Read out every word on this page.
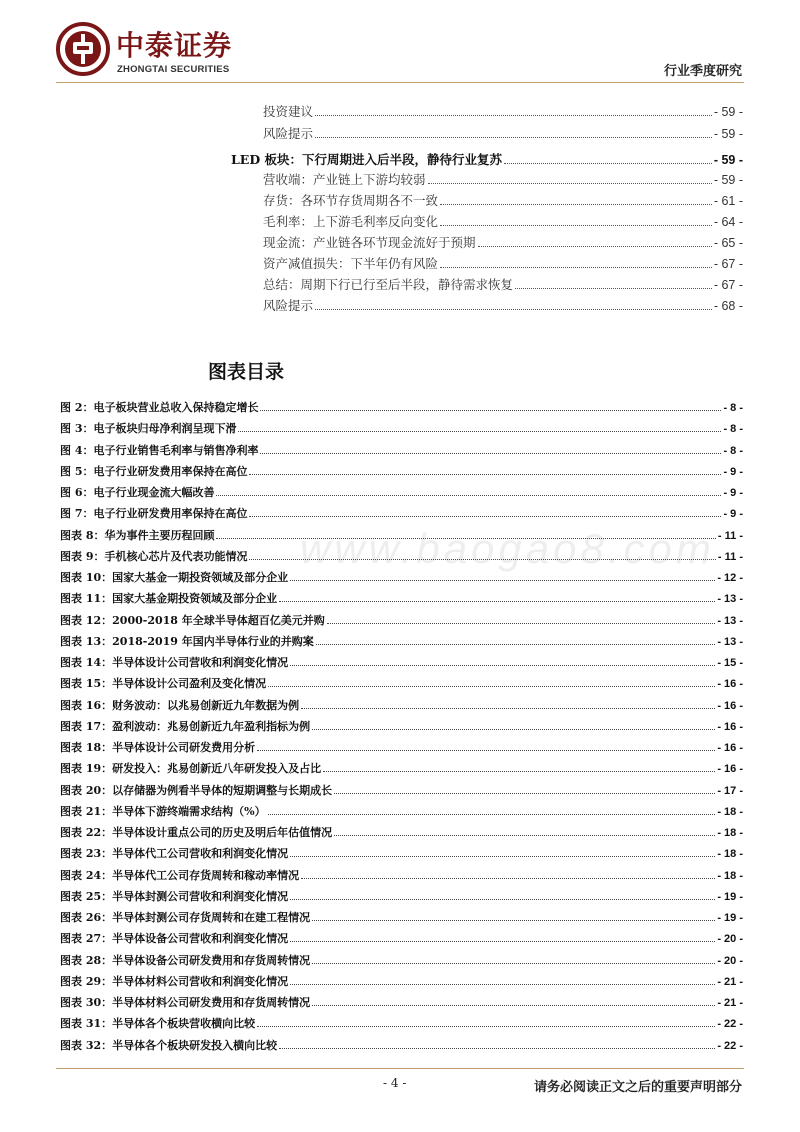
中泰证券
ZHONGTAI SECURITIES	行业季度研究
投资建议	- 59 -
风险提示	- 59 -
LED 板块：下行周期进入后半段，静待行业复苏	- 59 -
营收端：产业链上下游均较弱	- 59 -
存货：各环节存货周期各不一致	- 61 -
毛利率：上下游毛利率反向变化	- 64 -
现金流：产业链各环节现金流好于预期	- 65 -
资产减值损失：下半年仍有风险	- 67 -
总结：周期下行已行至后半段，静待需求恢复	- 67 -
风险提示	- 68 -
图表目录
图 2：电子板块营业总收入保持稳定增长	- 8 -
图 3：电子板块归母净利润呈现下滑	- 8 -
图 4：电子行业销售毛利率与销售净利率	- 8 -
图 5：电子行业研发费用率保持在高位	- 9 -
图 6：电子行业现金流大幅改善	- 9 -
图 7：电子行业研发费用率保持在高位	- 9 -
图表 8：华为事件主要历程回顾	- 11 -
图表 9：手机核心芯片及代表功能情况	- 11 -
图表 10：国家大基金一期投资领域及部分企业	- 12 -
图表 11：国家大基金期投资领域及部分企业	- 13 -
图表 12：2000-2018 年全球半导体超百亿美元并购	- 13 -
图表 13：2018-2019 年国内半导体行业的并购案	- 13 -
图表 14：半导体设计公司营收和利润变化情况	- 15 -
图表 15：半导体设计公司盈利及变化情况	- 16 -
图表 16：财务波动：以兆易创新近九年数据为例	- 16 -
图表 17：盈利波动：兆易创新近九年盈利指标为例	- 16 -
图表 18：半导体设计公司研发费用分析	- 16 -
图表 19：研发投入：兆易创新近八年研发投入及占比	- 16 -
图表 20：以存储器为例看半导体的短期调整与长期成长	- 17 -
图表 21：半导体下游终端需求结构（%）	- 18 -
图表 22：半导体设计重点公司的历史及明后年估值情况	- 18 -
图表 23：半导体代工公司营收和利润变化情况	- 18 -
图表 24：半导体代工公司存货周转和稼动率情况	- 18 -
图表 25：半导体封测公司营收和利润变化情况	- 19 -
图表 26：半导体封测公司存货周转和在建工程情况	- 19 -
图表 27：半导体设备公司营收和利润变化情况	- 20 -
图表 28：半导体设备公司研发费用和存货周转情况	- 20 -
图表 29：半导体材料公司营收和利润变化情况	- 21 -
图表 30：半导体材料公司研发费用和存货周转情况	- 21 -
图表 31：半导体各个板块营收横向比较	- 22 -
图表 32：半导体各个板块研发投入横向比较	- 22 -
www.baogao8.com
- 4 -	请务必阅读正文之后的重要声明部分
